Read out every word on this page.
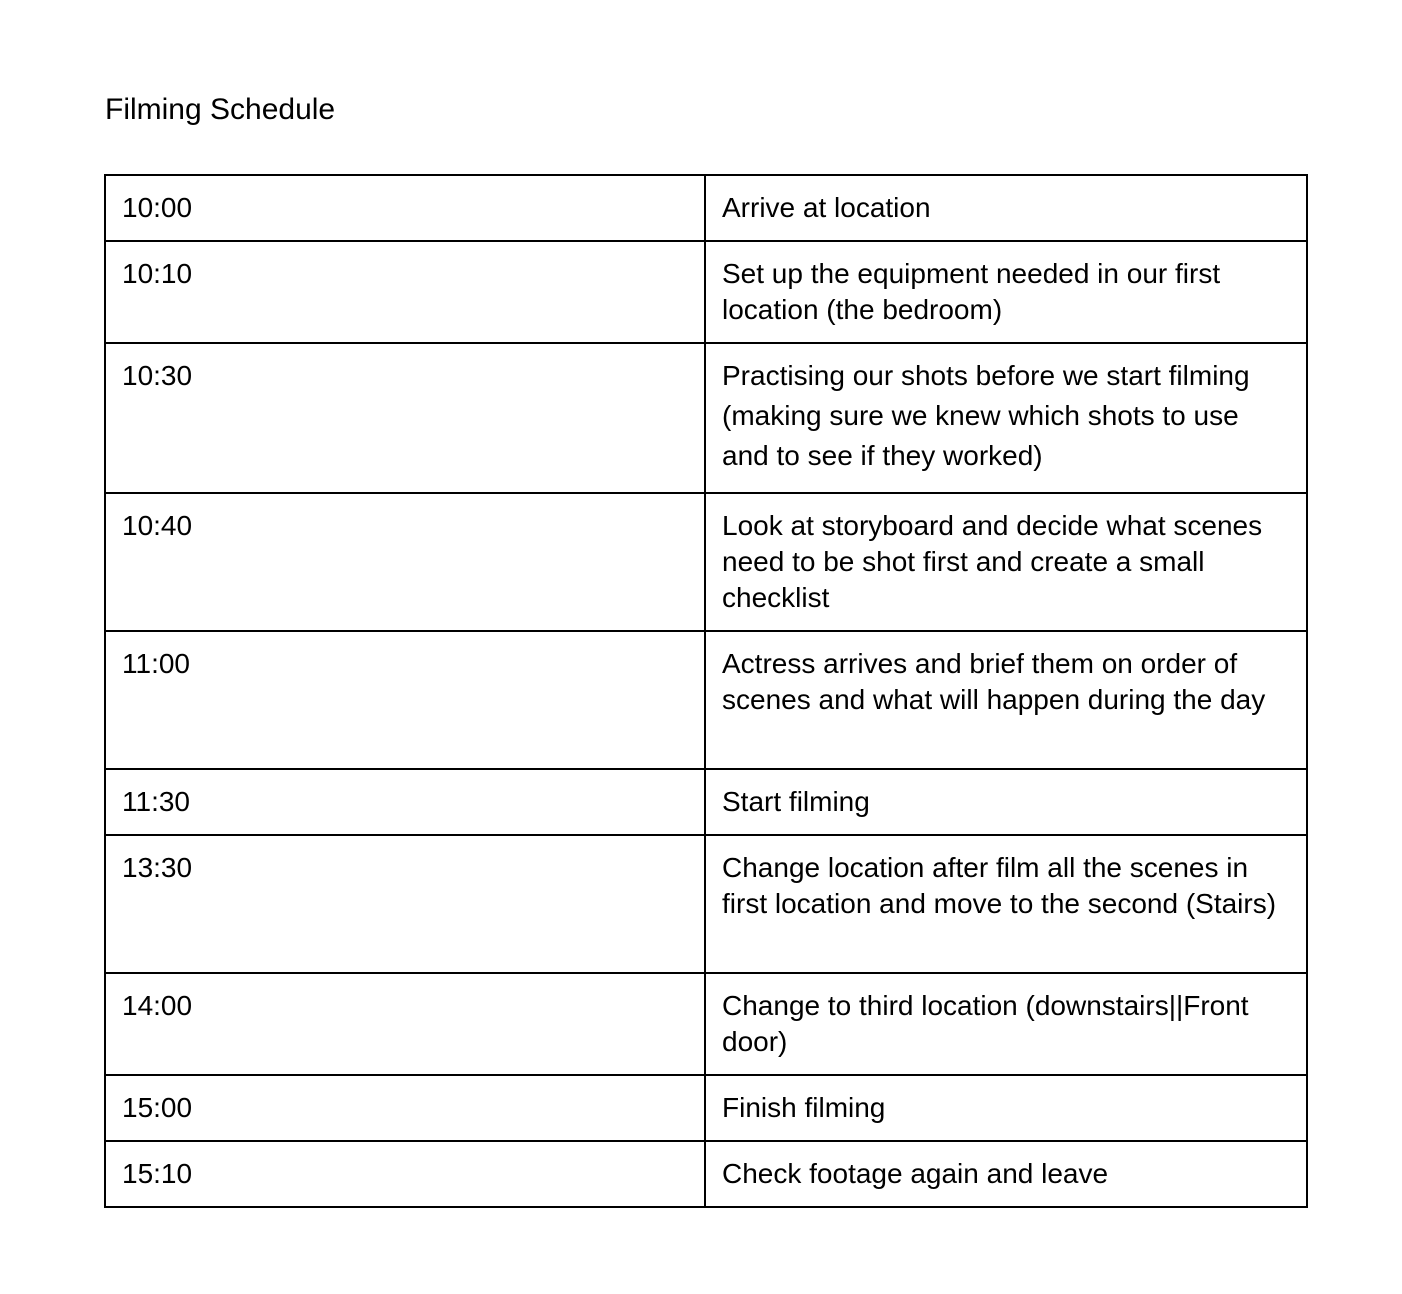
Filming Schedule
10:00	Arrive at location
10:10	Set up the equipment needed in our first location (the bedroom)
10:30	Practising our shots before we start filming (making sure we knew which shots to use and to see if they worked)
10:40	Look at storyboard and decide what scenes need to be shot first and create a small checklist
11:00	Actress arrives and brief them on order of scenes and what will happen during the day
11:30	Start filming
13:30	Change location after film all the scenes in first location and move to the second (Stairs)
14:00	Change to third location (downstairs||Front door)
15:00	Finish filming
15:10	Check footage again and leave
